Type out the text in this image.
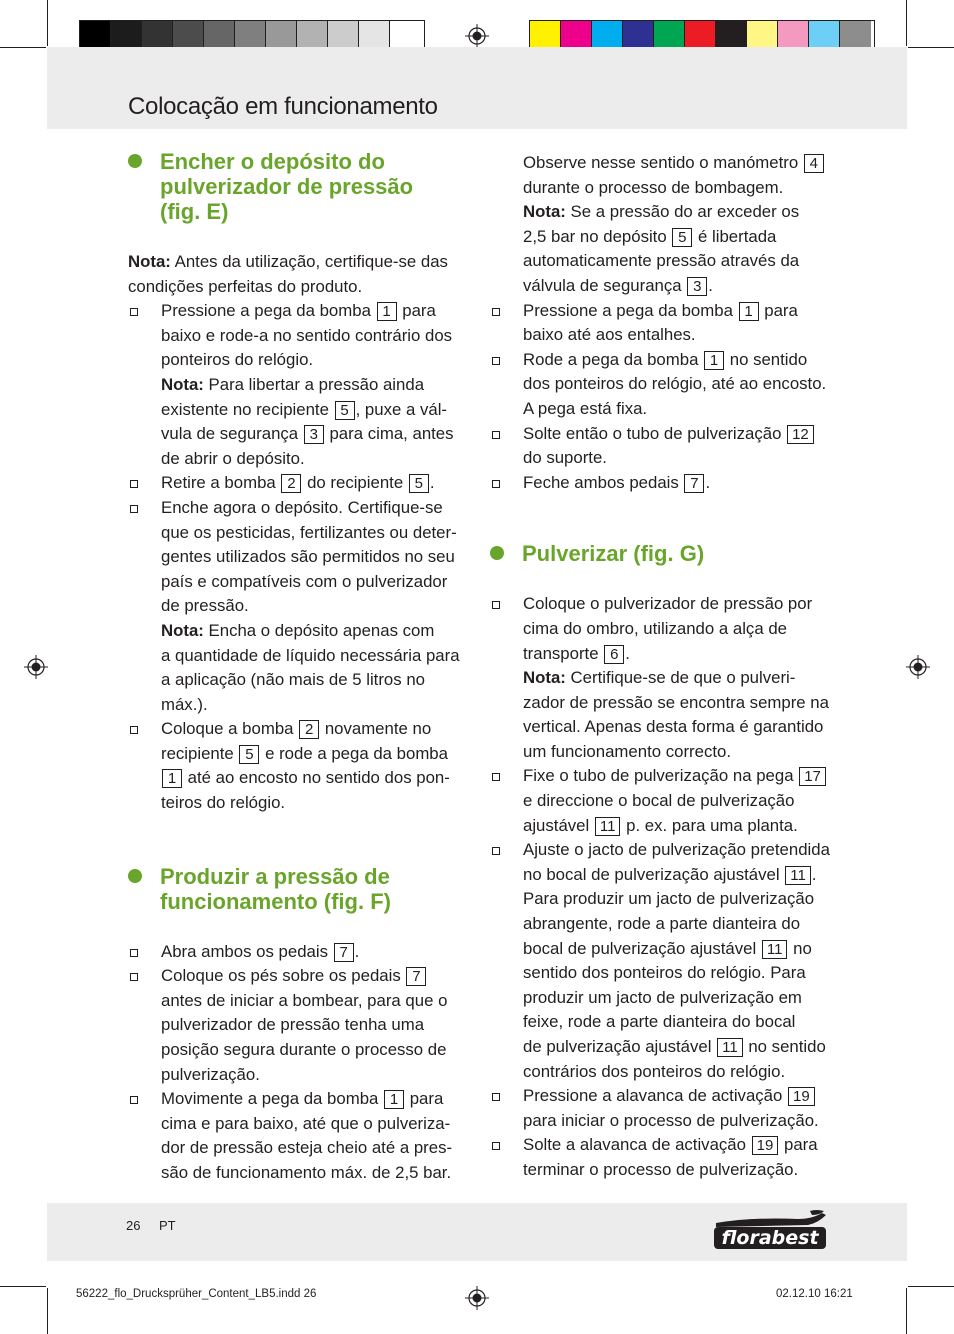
Colocação em funcionamento
Encher o depósito do
pulverizador de pressão
(fig. E)

Nota: Antes da utilização, certifique-se das
condições perfeitas do produto.

Pressione a pega da bomba 1 para
baixo e rode-a no sentido contrário dos
ponteiros do relógio.
Nota: Para libertar a pressão ainda
existente no recipiente 5 , puxe a vál-
vula de segurança 3 para cima, antes
de abrir o depósito.
Retire a bomba 2 do recipiente 5 .
Enche agora o depósito. Certifique-se
que os pesticidas, fertilizantes ou deter-
gentes utilizados são permitidos no seu
país e compatíveis com o pulverizador
de pressão.
Nota: Encha o depósito apenas com
a quantidade de líquido necessária para
a aplicação (não mais de 5 litros no
máx.).
Coloque a bomba 2 novamente no
recipiente 5 e rode a pega da bomba
1 até ao encosto no sentido dos pon-
teiros do relógio.
Produzir a pressão de
funcionamento (fig. F)
Abra ambos os pedais 7 .
Coloque os pés sobre os pedais 7
antes de iniciar a bombear, para que o
pulverizador de pressão tenha uma
posição segura durante o processo de
pulverização.
Movimente a pega da bomba 1 para
cima e para baixo, até que o pulveriza-
dor de pressão esteja cheio até a pres-
são de funcionamento máx. de 2,5 bar.
Observe nesse sentido o manómetro 4
durante o processo de bombagem.
Nota: Se a pressão do ar exceder os
2,5 bar no depósito 5 é libertada
automaticamente pressão através da
válvula de segurança 3 .
Pressione a pega da bomba 1 para
baixo até aos entalhes.
Rode a pega da bomba 1 no sentido
dos ponteiros do relógio, até ao encosto.
A pega está fixa.
Solte então o tubo de pulverização 12
do suporte.
Feche ambos pedais 7 .
Pulverizar (fig. G)
Coloque o pulverizador de pressão por
cima do ombro, utilizando a alça de
transporte 6 .
Nota: Certifique-se de que o pulveri-
zador de pressão se encontra sempre na
vertical. Apenas desta forma é garantido
um funcionamento correcto.
Fixe o tubo de pulverização na pega 17
e direccione o bocal de pulverização
ajustável 11 p. ex. para uma planta.
Ajuste o jacto de pulverização pretendida
no bocal de pulverização ajustável 11 .
Para produzir um jacto de pulverização
abrangente, rode a parte dianteira do
bocal de pulverização ajustável 11 no
sentido dos ponteiros do relógio. Para
produzir um jacto de pulverização em
feixe, rode a parte dianteira do bocal
de pulverização ajustável 11 no sentido
contrários dos ponteiros do relógio.
Pressione a alavanca de activação 19
para iniciar o processo de pulverização.
Solte a alavanca de activação 19 para
terminar o processo de pulverização.
26 PT
florabest
56222_flo_Drucksprüher_Content_LB5.indd 26	02.12.10 16:21
